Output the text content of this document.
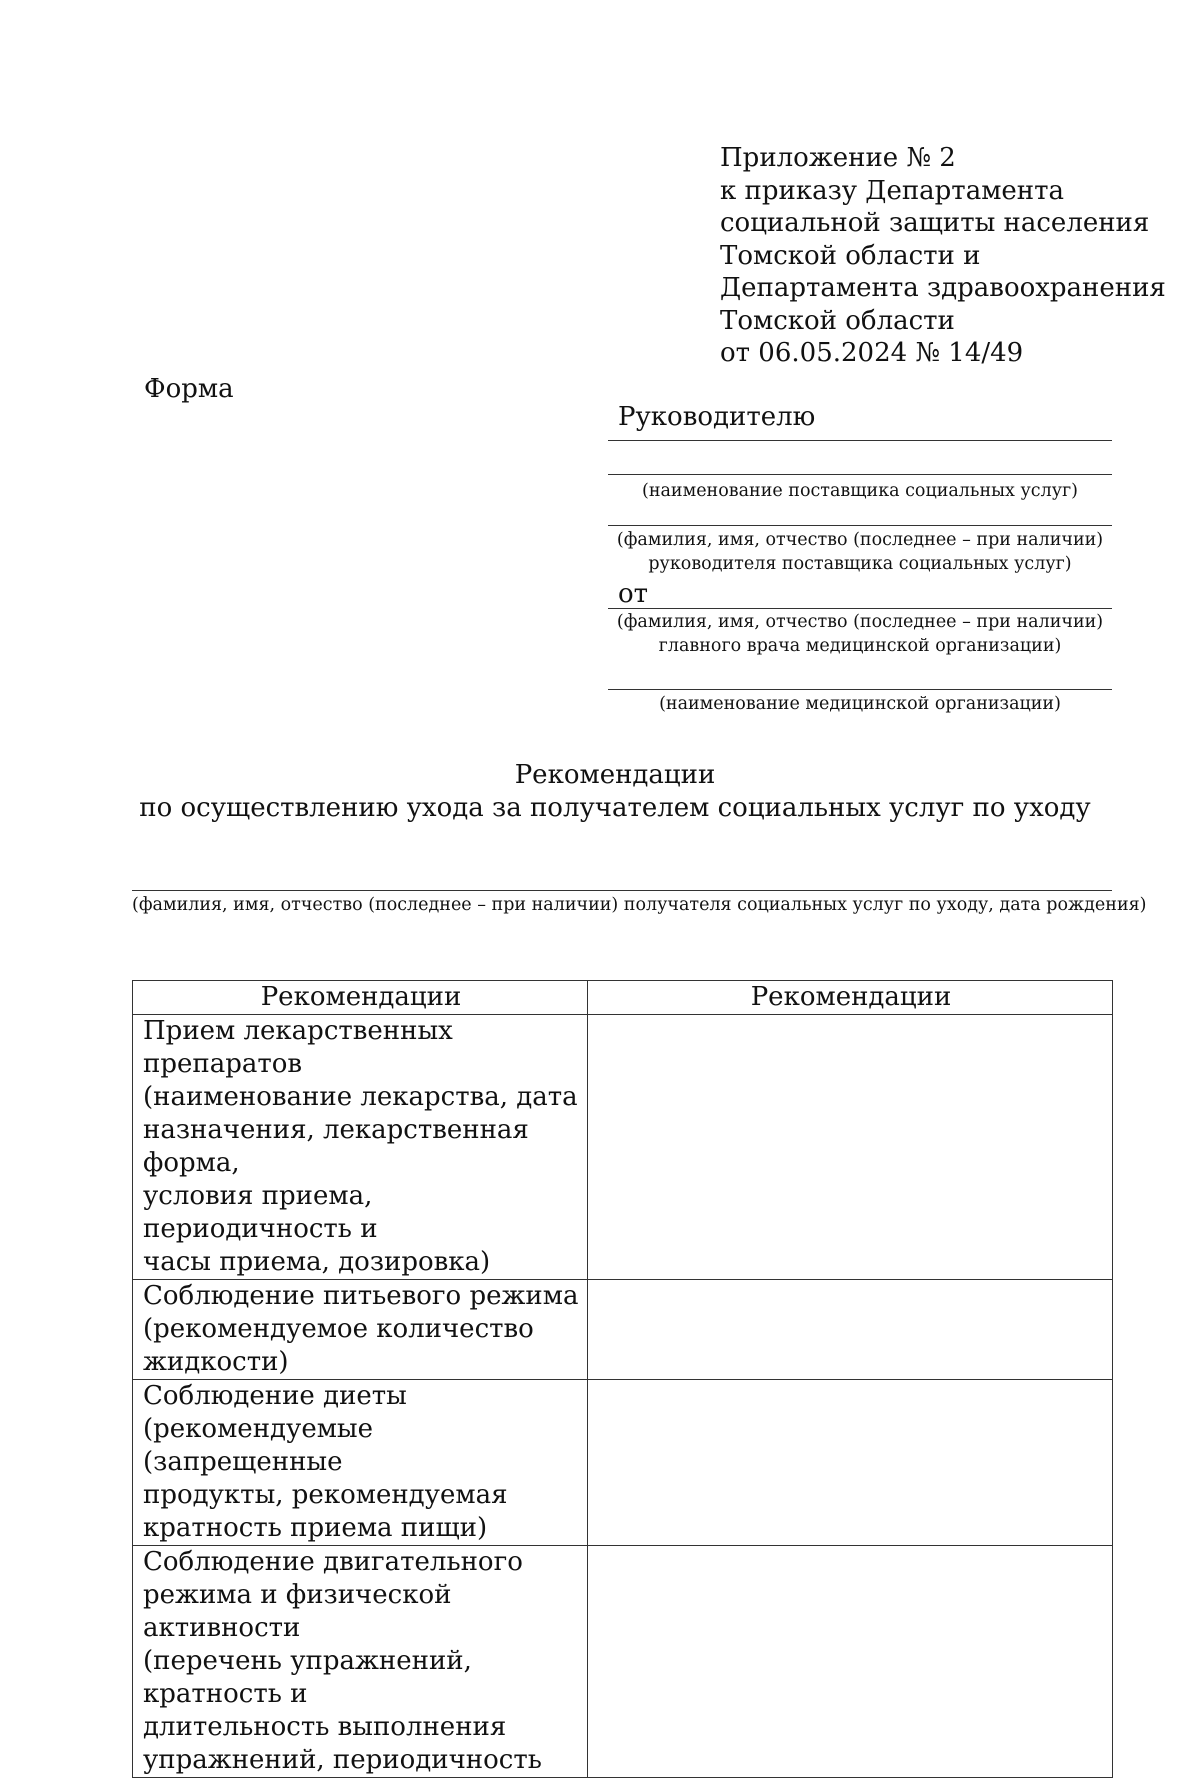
Приложение № 2
к приказу Департамента
социальной защиты населения
Томской области и
Департамента здравоохранения
Томской области
от 06.05.2024 № 14/49
Форма
Руководителю
(наименование поставщика социальных услуг)
(фамилия, имя, отчество (последнее – при наличии)
руководителя поставщика социальных услуг)
от
(фамилия, имя, отчество (последнее – при наличии)
главного врача медицинской организации)
(наименование медицинской организации)
Рекомендации
по осуществлению ухода за получателем социальных услуг по уходу
(фамилия, имя, отчество (последнее – при наличии) получателя социальных услуг по уходу, дата рождения)
Рекомендации	Рекомендации

Прием лекарственных препаратов
(наименование лекарства, дата
назначения, лекарственная форма,
условия приема, периодичность и
часы приема, дозировка)	

Соблюдение питьевого режима
(рекомендуемое количество
жидкости)	

Соблюдение диеты
(рекомендуемые (запрещенные
продукты, рекомендуемая
кратность приема пищи)	

Соблюдение двигательного
режима и физической активности
(перечень упражнений, кратность и
длительность выполнения
упражнений, периодичность	
